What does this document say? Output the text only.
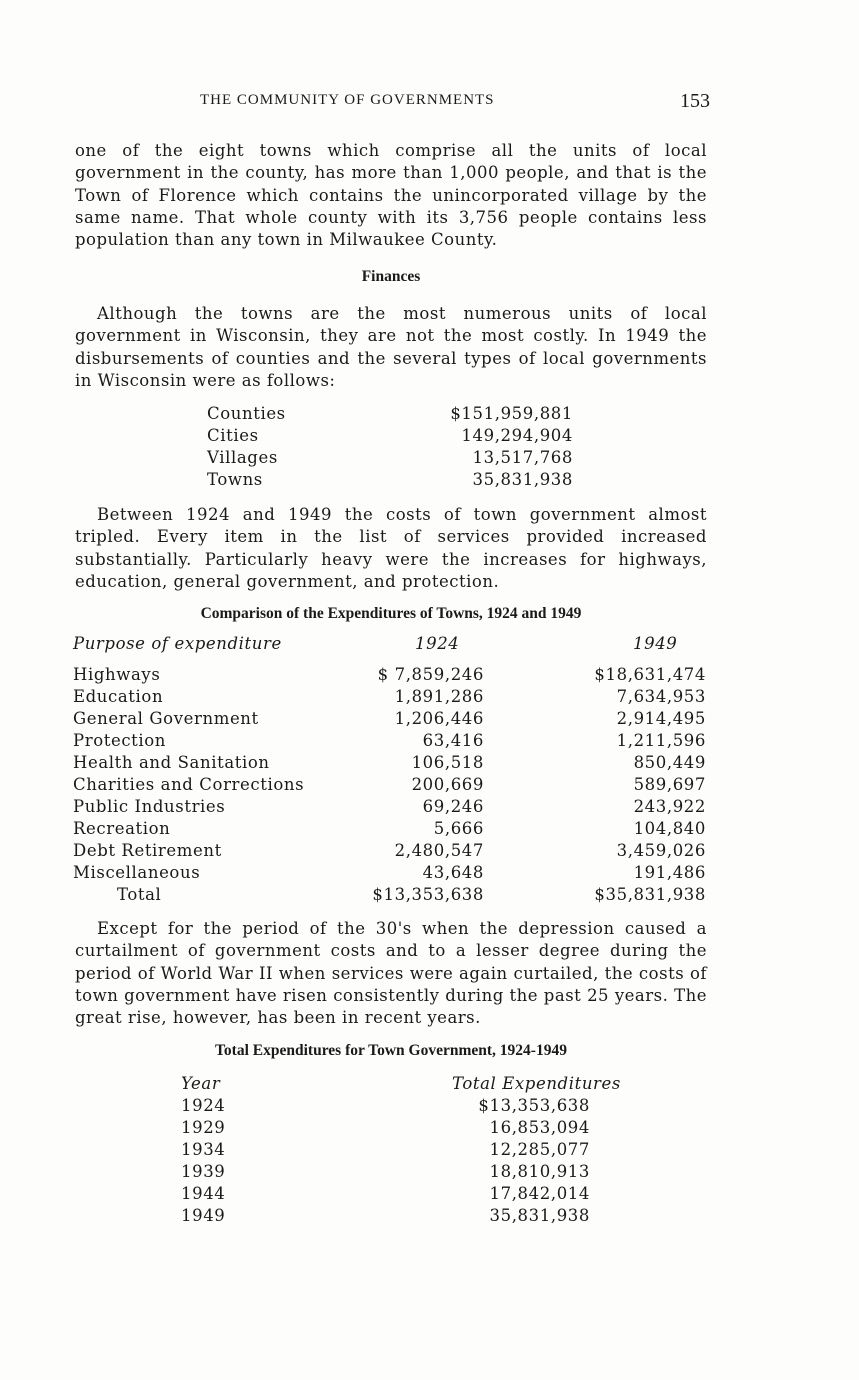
THE COMMUNITY OF GOVERNMENTS	153

one of the eight towns which comprise all the units of local government in the county, has more than 1,000 people, and that is the Town of Florence which contains the unincorporated village by the same name. That whole county with its 3,756 people contains less population than any town in Milwaukee County.

Finances

Although the towns are the most numerous units of local government in Wisconsin, they are not the most costly. In 1949 the disbursements of counties and the several types of local governments in Wisconsin were as follows:

Counties	$151,959,881
Cities	149,294,904
Villages	13,517,768
Towns	35,831,938

Between 1924 and 1949 the costs of town government almost tripled. Every item in the list of services provided increased substantially. Particularly heavy were the increases for highways, education, general government, and protection.

Comparison of the Expenditures of Towns, 1924 and 1949
Purpose of expenditure	1924	1949
Highways	$ 7,859,246	$18,631,474
Education	1,891,286	7,634,953
General Government	1,206,446	2,914,495
Protection	63,416	1,211,596
Health and Sanitation	106,518	850,449
Charities and Corrections	200,669	589,697
Public Industries	69,246	243,922
Recreation	5,666	104,840
Debt Retirement	2,480,547	3,459,026
Miscellaneous	43,648	191,486
Total	$13,353,638	$35,831,938

Except for the period of the 30's when the depression caused a curtailment of government costs and to a lesser degree during the period of World War II when services were again curtailed, the costs of town government have risen consistently during the past 25 years. The great rise, however, has been in recent years.

Total Expenditures for Town Government, 1924-1949
Year	Total Expenditures
1924	$13,353,638
1929	16,853,094
1934	12,285,077
1939	18,810,913
1944	17,842,014
1949	35,831,938
